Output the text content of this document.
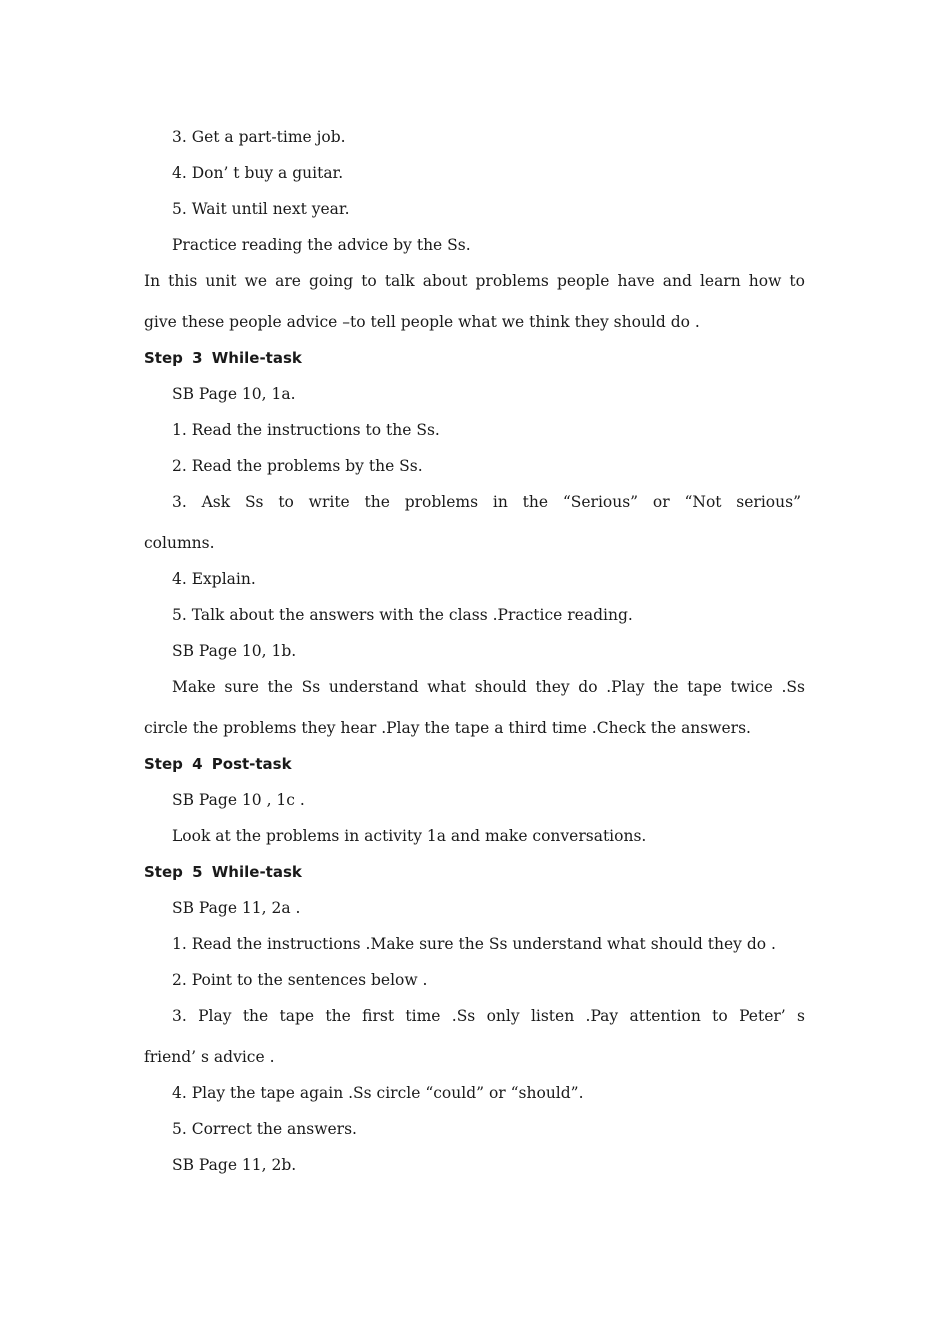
3. Get a part-time job.
4. Don’ t buy a guitar.
5. Wait until next year.
Practice reading the advice by the Ss.
In this unit we are going to talk about problems people have and learn how to
give these people advice –to tell people what we think they should do .
Step 3 While-task
SB Page 10, 1a.
1. Read the instructions to the Ss.
2. Read the problems by the Ss.
3. Ask Ss to write the problems in the “Serious” or “Not serious”
columns.
4. Explain.
5. Talk about the answers with the class .Practice reading.
SB Page 10, 1b.
Make sure the Ss understand what should they do .Play the tape twice .Ss
circle the problems they hear .Play the tape a third time .Check the answers.
Step 4 Post-task
SB Page 10 , 1c .
Look at the problems in activity 1a and make conversations.
Step 5 While-task
SB Page 11, 2a .
1. Read the instructions .Make sure the Ss understand what should they do .
2. Point to the sentences below .
3. Play the tape the first time .Ss only listen .Pay attention to Peter’ s
friend’ s advice .
4. Play the tape again .Ss circle “could” or “should”.
5. Correct the answers.
SB Page 11, 2b.
